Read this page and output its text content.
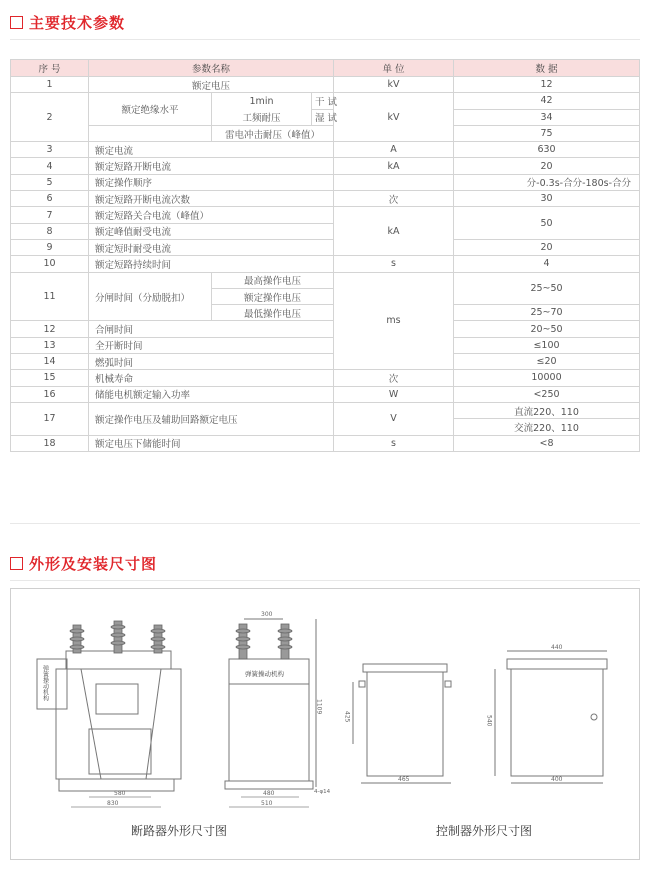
主要技术参数
序 号	参数名称			单 位	数 据
1	额定电压			kV	12
2	额定绝缘水平	1min	干 试	kV	42
		工频耐压	湿 试		34
		雷电冲击耐压（峰值）			75
3	额定电流			A	630
4	额定短路开断电流			kA	20
5	额定操作顺序				分-0.3s-合分-180s-合分
6	额定短路开断电流次数			次	30
7	额定短路关合电流（峰值）			kA	50
8	额定峰值耐受电流				
9	额定短时耐受电流				20
10	额定短路持续时间			s	4
11	分闸时间（分励脱扣）	最高操作电压		ms	25~50
		额定操作电压			
		最低操作电压			25~70
12	合闸时间				20~50
13	全开断时间				≤100
14	燃弧时间				≤20
15	机械寿命			次	10000
16	储能电机额定输入功率			W	<250
17	额定操作电压及辅助回路额定电压			V	直流220、110
					交流220、110
18	额定电压下储能时间			s	<8
外形及安装尺寸图
弹簧操动机构
580
830
弹簧操动机构
300
1109
480
510
4-φ14
425
465
440
540
400
断路器外形尺寸图	控制器外形尺寸图
